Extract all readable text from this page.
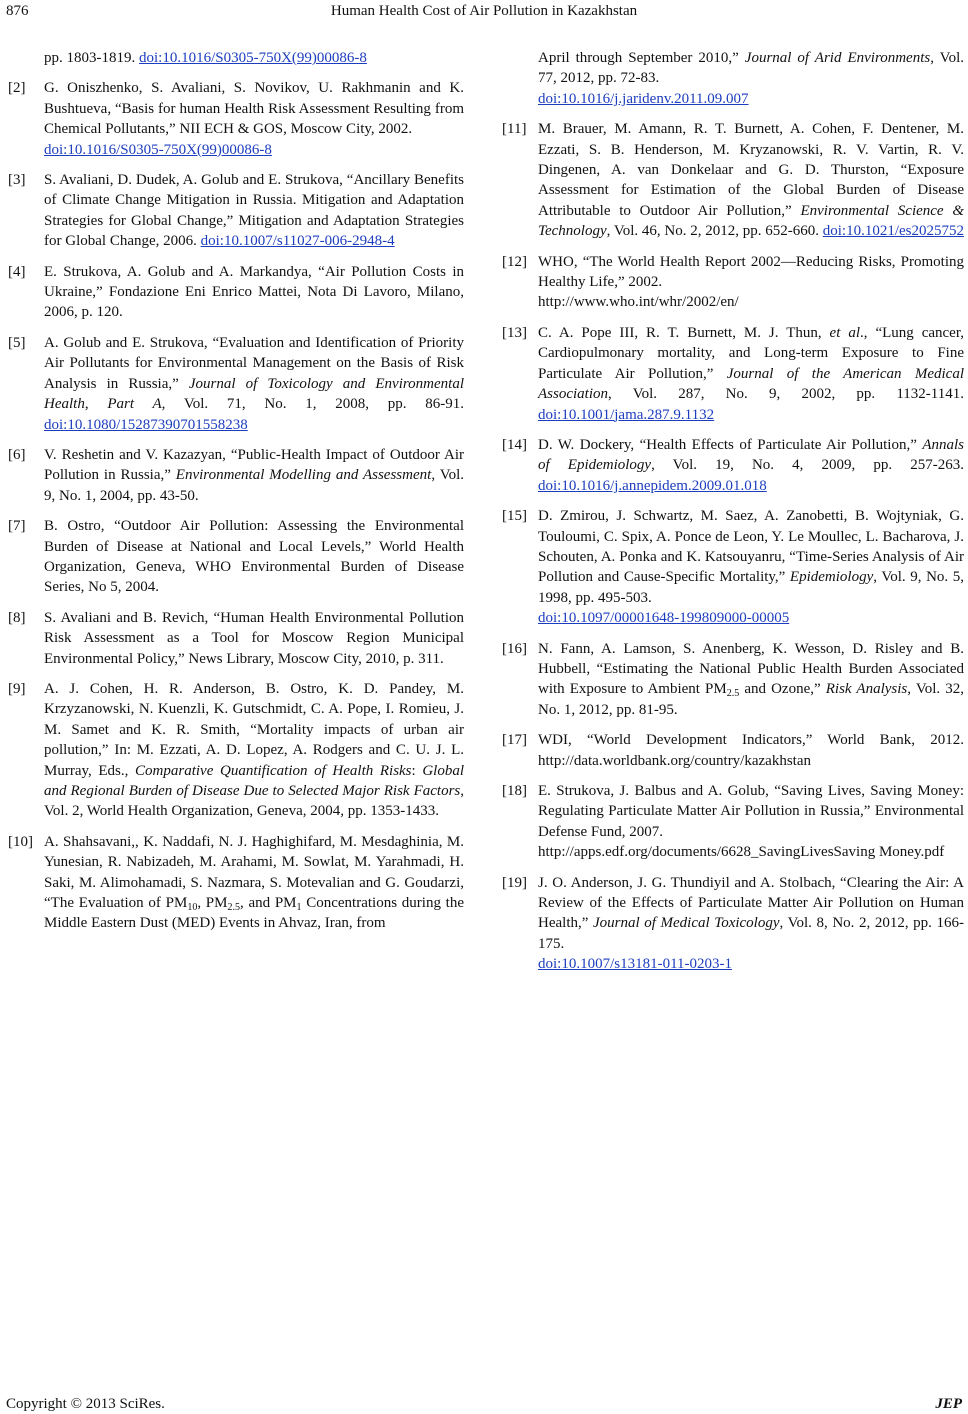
876	Human Health Cost of Air Pollution in Kazakhstan
pp. 1803-1819. doi:10.1016/S0305-750X(99)00086-8
[2] G. Oniszhenko, S. Avaliani, S. Novikov, U. Rakhmanin and K. Bushtueva, “Basis for human Health Risk Assessment Resulting from Chemical Pollutants,” NII ECH & GOS, Moscow City, 2002.
doi:10.1016/S0305-750X(99)00086-8
[3] S. Avaliani, D. Dudek, A. Golub and E. Strukova, “Ancillary Benefits of Climate Change Mitigation in Russia. Mitigation and Adaptation Strategies for Global Change,” Mitigation and Adaptation Strategies for Global Change, 2006. doi:10.1007/s11027-006-2948-4
[4] E. Strukova, A. Golub and A. Markandya, “Air Pollution Costs in Ukraine,” Fondazione Eni Enrico Mattei, Nota Di Lavoro, Milano, 2006, p. 120.
[5] A. Golub and E. Strukova, “Evaluation and Identification of Priority Air Pollutants for Environmental Management on the Basis of Risk Analysis in Russia,” Journal of Toxicology and Environmental Health, Part A, Vol. 71, No. 1, 2008, pp. 86-91. doi:10.1080/15287390701558238
[6] V. Reshetin and V. Kazazyan, “Public-Health Impact of Outdoor Air Pollution in Russia,” Environmental Modelling and Assessment, Vol. 9, No. 1, 2004, pp. 43-50.
[7] B. Ostro, “Outdoor Air Pollution: Assessing the Environmental Burden of Disease at National and Local Levels,” World Health Organization, Geneva, WHO Environmental Burden of Disease Series, No 5, 2004.
[8] S. Avaliani and B. Revich, “Human Health Environmental Pollution Risk Assessment as a Tool for Moscow Region Municipal Environmental Policy,” News Library, Moscow City, 2010, p. 311.
[9] A. J. Cohen, H. R. Anderson, B. Ostro, K. D. Pandey, M. Krzyzanowski, N. Kuenzli, K. Gutschmidt, C. A. Pope, I. Romieu, J. M. Samet and K. R. Smith, “Mortality impacts of urban air pollution,” In: M. Ezzati, A. D. Lopez, A. Rodgers and C. U. J. L. Murray, Eds., Comparative Quantification of Health Risks: Global and Regional Burden of Disease Due to Selected Major Risk Factors, Vol. 2, World Health Organization, Geneva, 2004, pp. 1353-1433.
[10] A. Shahsavani,, K. Naddafi, N. J. Haghighifard, M. Mesdaghinia, M. Yunesian, R. Nabizadeh, M. Arahami, M. Sowlat, M. Yarahmadi, H. Saki, M. Alimohamadi, S. Nazmara, S. Motevalian and G. Goudarzi, “The Evaluation of $PM_{10}$, $PM_{2.5}$, and $PM_1$ Concentrations during the Middle Eastern Dust (MED) Events in Ahvaz, Iran, from
April through September 2010,” Journal of Arid Environments, Vol. 77, 2012, pp. 72-83.
doi:10.1016/j.jaridenv.2011.09.007
[11] M. Brauer, M. Amann, R. T. Burnett, A. Cohen, F. Dentener, M. Ezzati, S. B. Henderson, M. Kryzanowski, R. V. Vartin, R. V. Dingenen, A. van Donkelaar and G. D. Thurston, “Exposure Assessment for Estimation of the Global Burden of Disease Attributable to Outdoor Air Pollution,” Environmental Science & Technology, Vol. 46, No. 2, 2012, pp. 652-660. doi:10.1021/es2025752
[12] WHO, “The World Health Report 2002—Reducing Risks, Promoting Healthy Life,” 2002.
http://www.who.int/whr/2002/en/
[13] C. A. Pope III, R. T. Burnett, M. J. Thun, et al., “Lung cancer, Cardiopulmonary mortality, and Long-term Exposure to Fine Particulate Air Pollution,” Journal of the American Medical Association, Vol. 287, No. 9, 2002, pp. 1132-1141. doi:10.1001/jama.287.9.1132
[14] D. W. Dockery, “Health Effects of Particulate Air Pollution,” Annals of Epidemiology, Vol. 19, No. 4, 2009, pp. 257-263. doi:10.1016/j.annepidem.2009.01.018
[15] D. Zmirou, J. Schwartz, M. Saez, A. Zanobetti, B. Wojtyniak, G. Touloumi, C. Spix, A. Ponce de Leon, Y. Le Moullec, L. Bacharova, J. Schouten, A. Ponka and K. Katsouyanru, “Time-Series Analysis of Air Pollution and Cause-Specific Mortality,” Epidemiology, Vol. 9, No. 5, 1998, pp. 495-503.
doi:10.1097/00001648-199809000-00005
[16] N. Fann, A. Lamson, S. Anenberg, K. Wesson, D. Risley and B. Hubbell, “Estimating the National Public Health Burden Associated with Exposure to Ambient $PM_{2.5}$ and Ozone,” Risk Analysis, Vol. 32, No. 1, 2012, pp. 81-95.
[17] WDI, “World Development Indicators,” World Bank, 2012. http://data.worldbank.org/country/kazakhstan
[18] E. Strukova, J. Balbus and A. Golub, “Saving Lives, Saving Money: Regulating Particulate Matter Air Pollution in Russia,” Environmental Defense Fund, 2007.
http://apps.edf.org/documents/6628_SavingLivesSaving Money.pdf
[19] J. O. Anderson, J. G. Thundiyil and A. Stolbach, “Clearing the Air: A Review of the Effects of Particulate Matter Air Pollution on Human Health,” Journal of Medical Toxicology, Vol. 8, No. 2, 2012, pp. 166-175.
doi:10.1007/s13181-011-0203-1
Copyright © 2013 SciRes.	JEP
